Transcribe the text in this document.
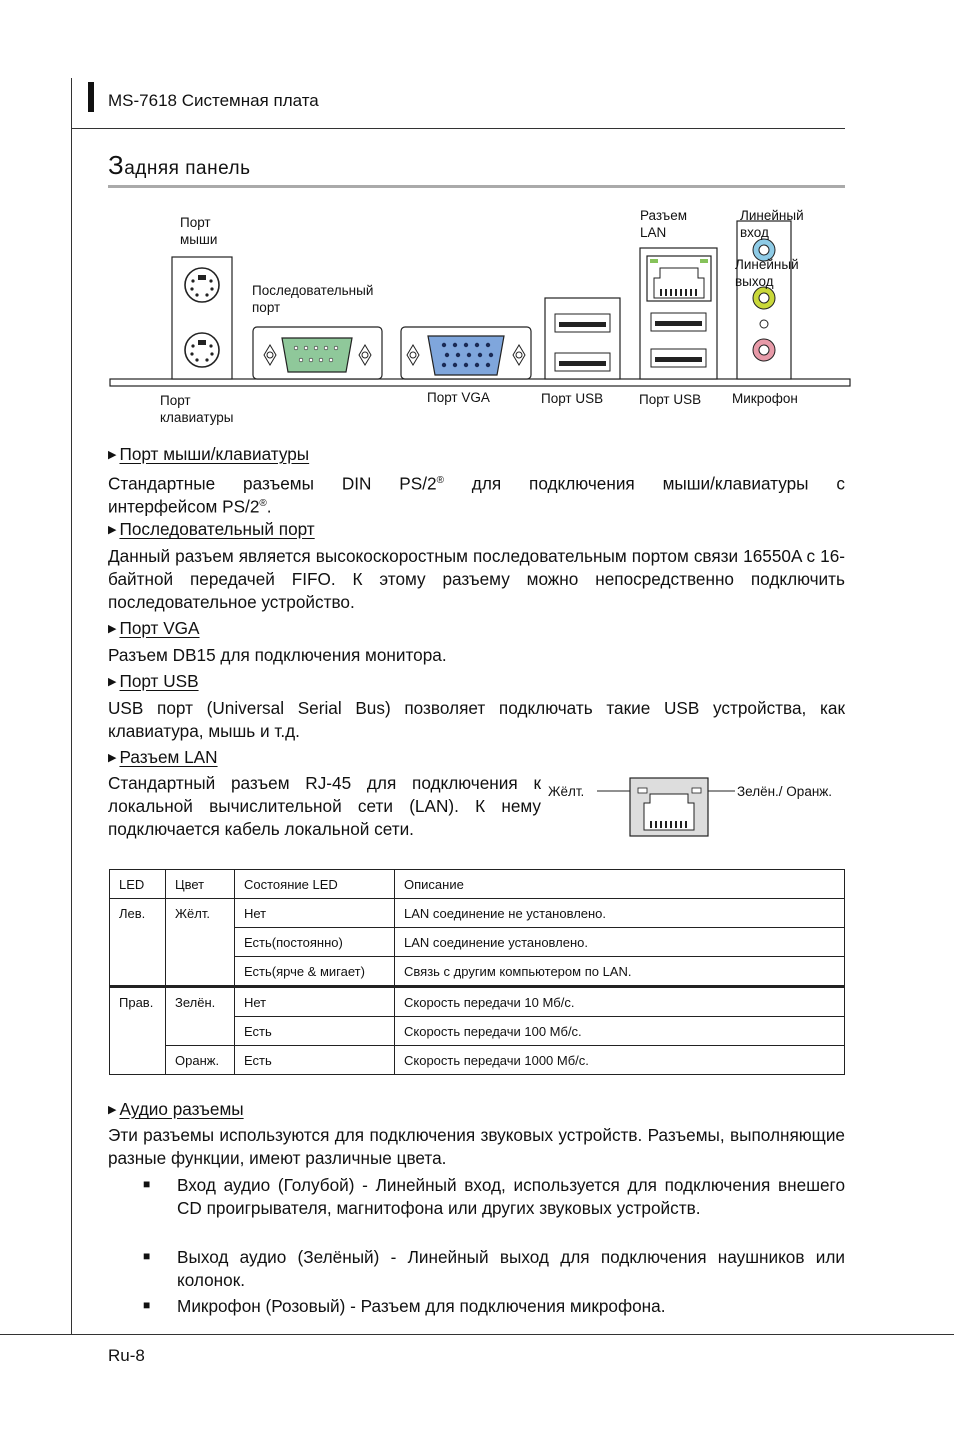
MS-7618 Системная плата
Задняя панель
Порт
мыши
Последовательный
порт
Разъем
LAN
Линейный
вход
Линейный
выход
Порт
клавиатуры
Порт VGA	Порт USB	Порт USB Микрофон
▶ Порт мыши/клавиатуры
Стандартные разъемы DIN PS/2® для подключения мыши/клавиатуры с
интерфейсом PS/2®.
▶ Последовательный порт
Данный разъем является высокоскоростным последовательным портом связи 16550A с 16-байтной передачей FIFO. К этому разъему можно непосредственно подключить последовательное устройство.
▶ Порт VGA
Разъем DB15 для подключения монитора.
▶ Порт USB
USB порт (Universal Serial Bus) позволяет подключать такие USB устройства, как клавиатура, мышь и т.д.
▶ Разъем LAN
Стандартный разъем RJ-45 для подключения к локальной вычислительной сети (LAN). К нему подключается кабель локальной сети.
Жёлт.	Зелён./ Оранж.
LED	Цвет	Состояние LED	Описание
Лев.	Жёлт.	Нет	LAN соединение не установлено.
		Есть(постоянно)	LAN соединение установлено.
		Есть(ярче & мигает)	Связь с другим компьютером по LAN.
Прав.	Зелён.	Нет	Скорость передачи 10 Мб/с.
		Есть	Скорость передачи 100 Мб/с.
	Оранж.	Есть	Скорость передачи 1000 Мб/с.
▶ Аудио разъемы
Эти разъемы используются для подключения звуковых устройств. Разъемы, выполняющие разные функции, имеют различные цвета.
■ Вход аудио (Голубой) - Линейный вход, используется для подключения внешего CD проигрывателя, магнитофона или других звуковых устройств.
■ Выход аудио (Зелёный) - Линейный выход для подключения наушников или колонок.
■ Микрофон (Розовый) - Разъем для подключения микрофона.
Ru-8
